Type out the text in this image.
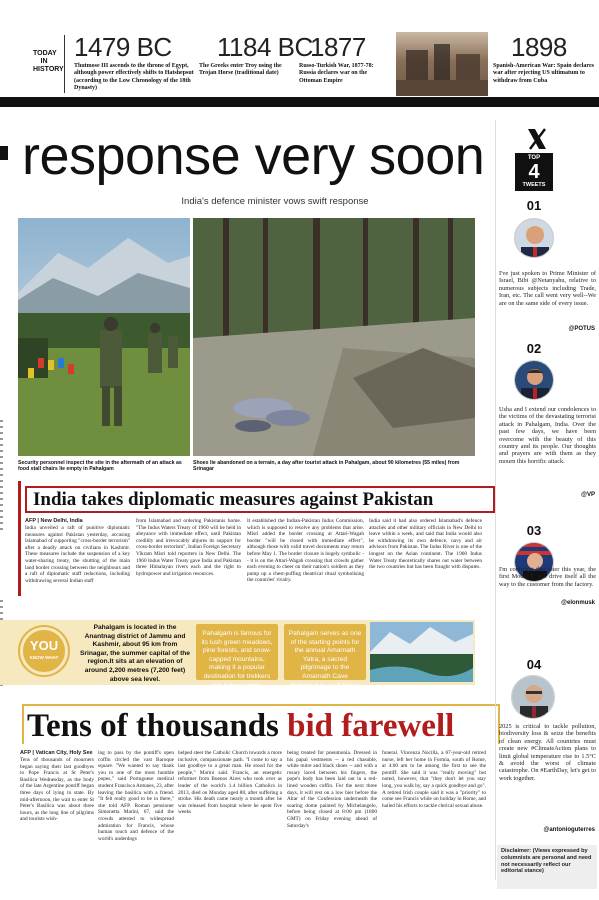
TODAY IN HISTORY
1479 BC
Thutmose III ascends to the throne of Egypt, although power effectively shifts to Hatshepsut (according to the Low Chronology of the 18th Dynasty)
1184 BC
The Greeks enter Troy using the Trojan Horse (traditional date)
1877
Russo-Turkish War, 1877-78: Russia declares war on the Ottoman Empire
1898
Spanish-American War: Spain declares war after rejecting US ultimatum to withdraw from Cuba
response very soon
India's defence minister vows swift response
Security personnel inspect the site in the aftermath of an attack as food stall chairs lie empty in Pahalgam
Shoes lie abandoned on a terrain, a day after tourist attack in Pahalgam, about 90 kilometres (55 miles) from Srinagar
India takes diplomatic measures against Pakistan
AFP | New Delhi, India
India unveiled a raft of punitive diplomatic measures against Pakistan yesterday, accusing Islamabad of supporting "cross-border terrorism" after a deadly attack on civilians in Kashmir. These measures include the suspension of a key water-sharing treaty, the shutting of the main land border crossing between the neighbours and a raft of diplomatic staff reductions, including withdrawing several Indian staff
from Islamabad and ordering Pakistanis home. "The Indus Waters Treaty of 1960 will be held in abeyance with immediate effect, until Pakistan credibly and irrevocably abjures its support for cross-border terrorism", Indian Foreign Secretary Vikram Misri told reporters in New Delhi. The 1960 Indus Water Treaty gave India and Pakistan three Himalayan rivers each and the right to hydropower and irrigation resources.
It established the Indian-Pakistan Indus Commission, which is supposed to resolve any problems that arise. Misri added the border crossing at Attari-Wagah border "will be closed with immediate effect", although those with valid travel documents may return before May 1. The border closure is hugely symbolic -- it is on the Attari-Wagah crossing that crowds gather each evening to cheer on their nation's soldiers as they pump up a chest-puffing theatrical ritual symbolising the countries' rivalry.
India said it had also ordered Islamabad's defence attachés and other military officials in New Delhi to leave within a week, and said that India would also be withdrawing its own defence, navy and air advisors from Pakistan. The Indus River is one of the longest on the Asian continent. The 1960 Indus Water Treaty theoretically shares out water between the two countries but has been fraught with disputes.
YOU
KNOW WHAT
Pahalgam is located in the Anantnag district of Jammu and Kashmir, about 95 km from Srinagar, the summer capital of the region.It sits at an elevation of around 2,200 metres (7,200 feet) above sea level.
Pahalgam is famous for its lush green meadows, pine forests, and snow-capped mountains, making it a popular destination for trekkers and nature lovers.
Pahalgam serves as one of the starting points for the annual Amarnath Yatra, a sacred pilgrimage to the Amarnath Cave dedicated to Lord Shiva.
Tens of thousands bid farewell
AFP | Vatican City, Holy See
Tens of thousands of mourners began saying their last goodbyes to Pope Francis at St Peter's Basilica Wednesday, as the body of the late Argentine pontiff began three days of lying in state. By mid-afternoon, the wait to enter St Peter's Basilica was about three hours, as the long line of pilgrims and tourists wish-
ing to pass by the pontiff's open coffin circled the vast Baroque square. "We wanted to say thank you to one of the most humble popes," said Portuguese medical student Francisca Antunes, 23, after leaving the basilica with a friend. "It felt really good to be in there," she told AFP. Roman pensioner Simonetta Marini, 67, said the crowds attested to widespread admiration for Francis, whose human touch and defence of the world's underdogs
helped steer the Catholic Church towards a more inclusive, compassionate path. "I come to say a last goodbye to a great man. He stood for the people," Marini said. Francis, an energetic reformer from Buenos Aires who took over as leader of the world's 1.4 billion Catholics in 2013, died on Monday aged 88, after suffering a stroke. His death came nearly a month after he was released from hospital where he spent five weeks
being treated for pneumonia. Dressed in his papal vestments -- a red chasuble, white mitre and black shoes -- and with a rosary laced between his fingers, the pope's body has been laid out in a red-lined wooden coffin. For the next three days, it will rest on a low bier before the Altar of the Confession underneath the soaring dome painted by Michelangelo, before being closed at 8:00 pm (1800 GMT) on Friday evening ahead of Saturday's
funeral. Vincenza Nocilla, a 67-year-old retired nurse, left her home in Formia, south of Rome, at 4:00 am to be among the first to see the pontiff. She said it was "really moving" but noted, however, that "they don't let you stay long, you walk by, say a quick goodbye and go". A retired Irish couple said it was a "priority" to come see Francis while on holiday in Rome, and hailed his efforts to tackle clerical sexual abuse.
TOP
4
TWEETS
01
I've just spoken to Prime Minister of Israel, Bibi @Netanyahu, relative to numerous subjects including Trade, Iran, etc. The call went very well--We are on the same side of every issue.
@POTUS
02
Usha and I extend our condolences to the victims of the devastating terrorist attack in Pahalgam, India. Over the past few days, we have been overcome with the beauty of this country and its people. Our thoughts and prayers are with them as they mourn this horrific attack.
@VP
03
I'm confident that later this year, the first Model Y will drive itself all the way to the customer from the factory.
@elonmusk
04
2025 is critical to tackle pollution, biodiversity loss & seize the benefits of clean energy. All countries must create new #ClimateAction plans to limit global temperature rise to 1.5°C & avoid the worst of climate catastrophe. On #EarthDay, let's get to work together.
@antonioguterres
Disclaimer: (Views expressed by columnists are personal and need not necessarily reflect our editorial stance)
